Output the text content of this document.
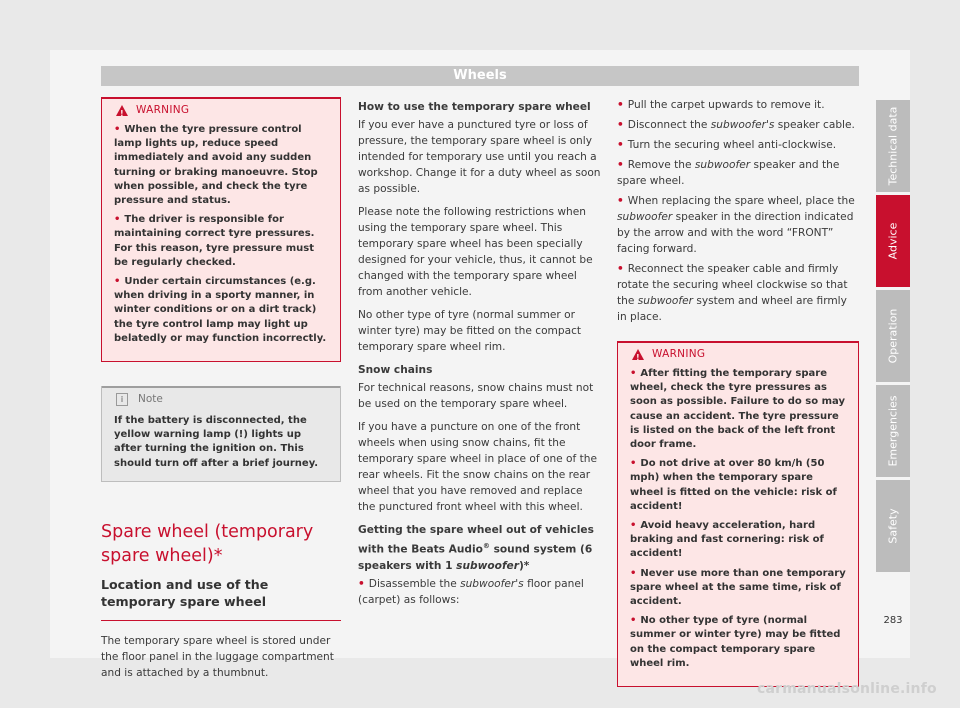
Wheels
!
WARNING
• When the tyre pressure control lamp lights up, reduce speed immediately and avoid any sudden turning or braking manoeuvre. Stop when possible, and check the tyre pressure and status.
• The driver is responsible for maintaining correct tyre pressures. For this reason, tyre pressure must be regularly checked.
• Under certain circumstances (e.g. when driving in a sporty manner, in winter conditions or on a dirt track) the tyre control lamp may light up belatedly or may function incorrectly.
i	Note
If the battery is disconnected, the yellow warning lamp (!) lights up after turning the ignition on. This should turn off after a brief journey.
Spare wheel (temporary spare wheel)*
Location and use of the temporary spare wheel

The temporary spare wheel is stored under the floor panel in the luggage compartment and is attached by a thumbnut.

How to use the temporary spare wheel

If you ever have a punctured tyre or loss of pressure, the temporary spare wheel is only intended for temporary use until you reach a workshop. Change it for a duty wheel as soon as possible.

Please note the following restrictions when using the temporary spare wheel. This temporary spare wheel has been specially designed for your vehicle, thus, it cannot be changed with the temporary spare wheel from another vehicle.

No other type of tyre (normal summer or winter tyre) may be fitted on the compact temporary spare wheel rim.

Snow chains

For technical reasons, snow chains must not be used on the temporary spare wheel.

If you have a puncture on one of the front wheels when using snow chains, fit the temporary spare wheel in place of one of the rear wheels. Fit the snow chains on the rear wheel that you have removed and replace the punctured front wheel with this wheel.

Getting the spare wheel out of vehicles with the Beats Audio® sound system (6 speakers with 1 subwoofer)*

• Disassemble the subwoofer's floor panel (carpet) as follows:

• Pull the carpet upwards to remove it.

• Disconnect the subwoofer's speaker cable.

• Turn the securing wheel anti-clockwise.

• Remove the subwoofer speaker and the spare wheel.

• When replacing the spare wheel, place the subwoofer speaker in the direction indicated by the arrow and with the word “FRONT” facing forward.

• Reconnect the speaker cable and firmly rotate the securing wheel clockwise so that the subwoofer system and wheel are firmly in place.

!
WARNING
• After fitting the temporary spare wheel, check the tyre pressures as soon as possible. Failure to do so may cause an accident. The tyre pressure is listed on the back of the left front door frame.
• Do not drive at over 80 km/h (50 mph) when the temporary spare wheel is fitted on the vehicle: risk of accident!
• Avoid heavy acceleration, hard braking and fast cornering: risk of accident!
• Never use more than one temporary spare wheel at the same time, risk of accident.
• No other type of tyre (normal summer or winter tyre) may be fitted on the compact temporary spare wheel rim.
Technical data
Advice
Operation
Emergencies
Safety
283
carmanualsonline.info
